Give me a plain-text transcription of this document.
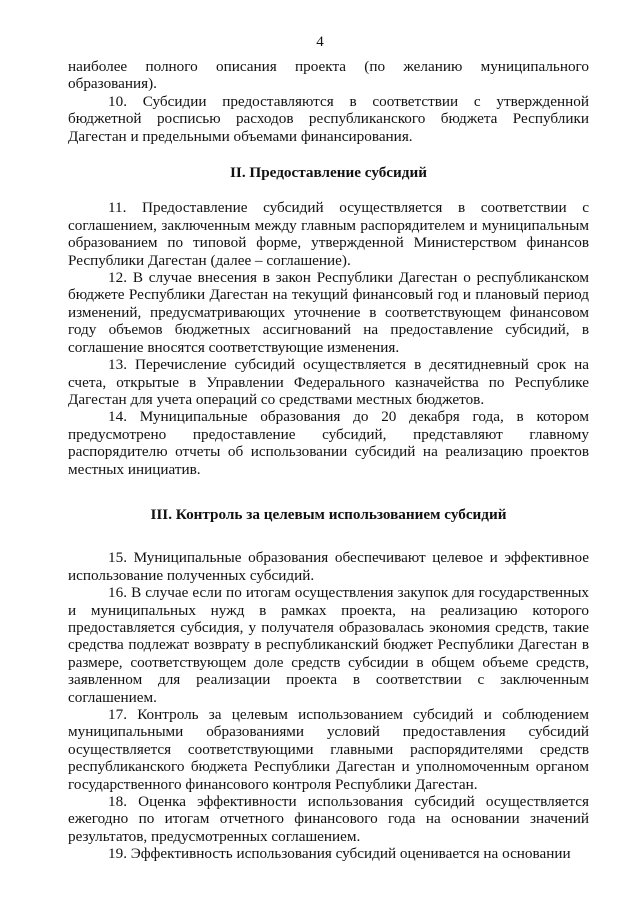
4

наиболее полного описания проекта (по желанию муниципального образования).

10. Субсидии предоставляются в соответствии с утвержденной бюджетной росписью расходов республиканского бюджета Республики Дагестан и предельными объемами финансирования.

II. Предоставление субсидий

11. Предоставление субсидий осуществляется в соответствии с соглашением, заключенным между главным распорядителем и муниципальным образованием по типовой форме, утвержденной Министерством финансов Республики Дагестан (далее – соглашение).

12. В случае внесения в закон Республики Дагестан о республиканском бюджете Республики Дагестан на текущий финансовый год и плановый период изменений, предусматривающих уточнение в соответствующем финансовом году объемов бюджетных ассигнований на предоставление субсидий, в соглашение вносятся соответствующие изменения.

13. Перечисление субсидий осуществляется в десятидневный срок на счета, открытые в Управлении Федерального казначейства по Республике Дагестан для учета операций со средствами местных бюджетов.

14. Муниципальные образования до 20 декабря года, в котором предусмотрено предоставление субсидий, представляют главному распорядителю отчеты об использовании субсидий на реализацию проектов местных инициатив.

III. Контроль за целевым использованием субсидий

15. Муниципальные образования обеспечивают целевое и эффективное использование полученных субсидий.

16. В случае если по итогам осуществления закупок для государственных и муниципальных нужд в рамках проекта, на реализацию которого предоставляется субсидия, у получателя образовалась экономия средств, такие средства подлежат возврату в республиканский бюджет Республики Дагестан в размере, соответствующем доле средств субсидии в общем объеме средств, заявленном для реализации проекта в соответствии с заключенным соглашением.

17. Контроль за целевым использованием субсидий и соблюдением муниципальными образованиями условий предоставления субсидий осуществляется соответствующими главными распорядителями средств республиканского бюджета Республики Дагестан и уполномоченным органом государственного финансового контроля Республики Дагестан.

18. Оценка эффективности использования субсидий осуществляется ежегодно по итогам отчетного финансового года на основании значений результатов, предусмотренных соглашением.

19. Эффективность использования субсидий оценивается на основании
